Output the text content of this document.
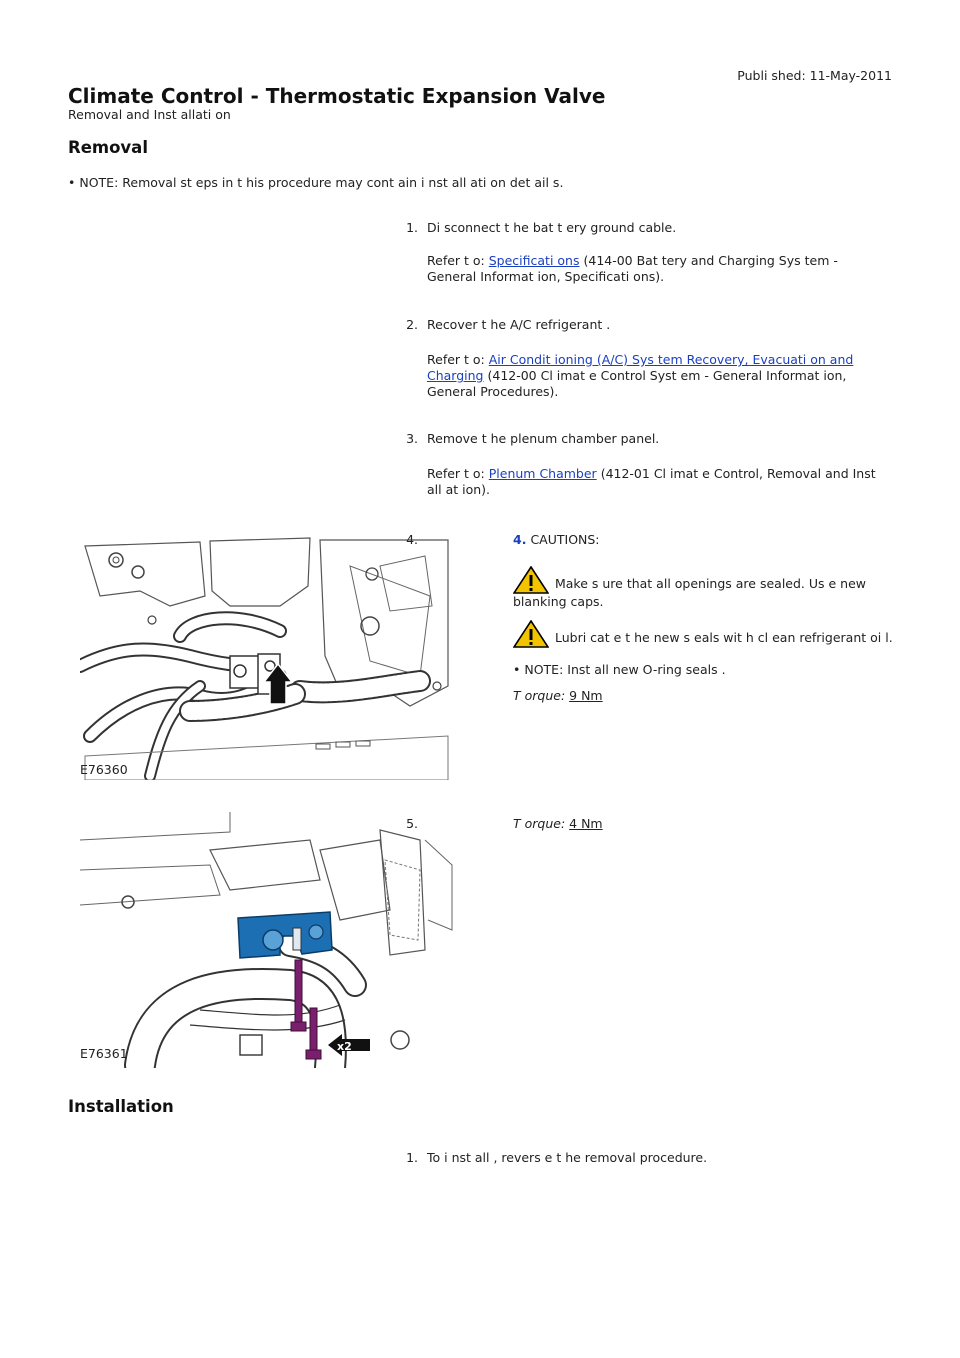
Publi shed: 11-May-2011
Climate Control - Thermostatic Expansion Valve
Removal and Inst allati on
Removal
• NOTE: Removal st eps in t his procedure may cont ain i nst all ati on det ail s.
1. Di sconnect t he bat t ery ground cable.
Refer t o: Specificati ons (414-00 Bat tery and Charging Sys tem - General Informat ion, Specificati ons).
2. Recover t he A/C refrigerant .
Refer t o: Air Condit ioning (A/C) Sys tem Recovery, Evacuati on and Charging (412-00 Cl imat e Control Syst em - General Informat ion, General Procedures).
3. Remove t he plenum chamber panel.
Refer t o: Plenum Chamber (412-01 Cl imat e Control, Removal and Inst all at ion).
E76360
4.	4. CAUTIONS:
Make s ure that all openings are sealed. Us e new blanking caps.
Lubri cat e t he new s eals wit h cl ean refrigerant oi l.
• NOTE: Inst all new O-ring seals .
T orque: 9 Nm
x2
E76361
5.	T orque: 4 Nm
Installation
1. To i nst all , revers e t he removal procedure.
